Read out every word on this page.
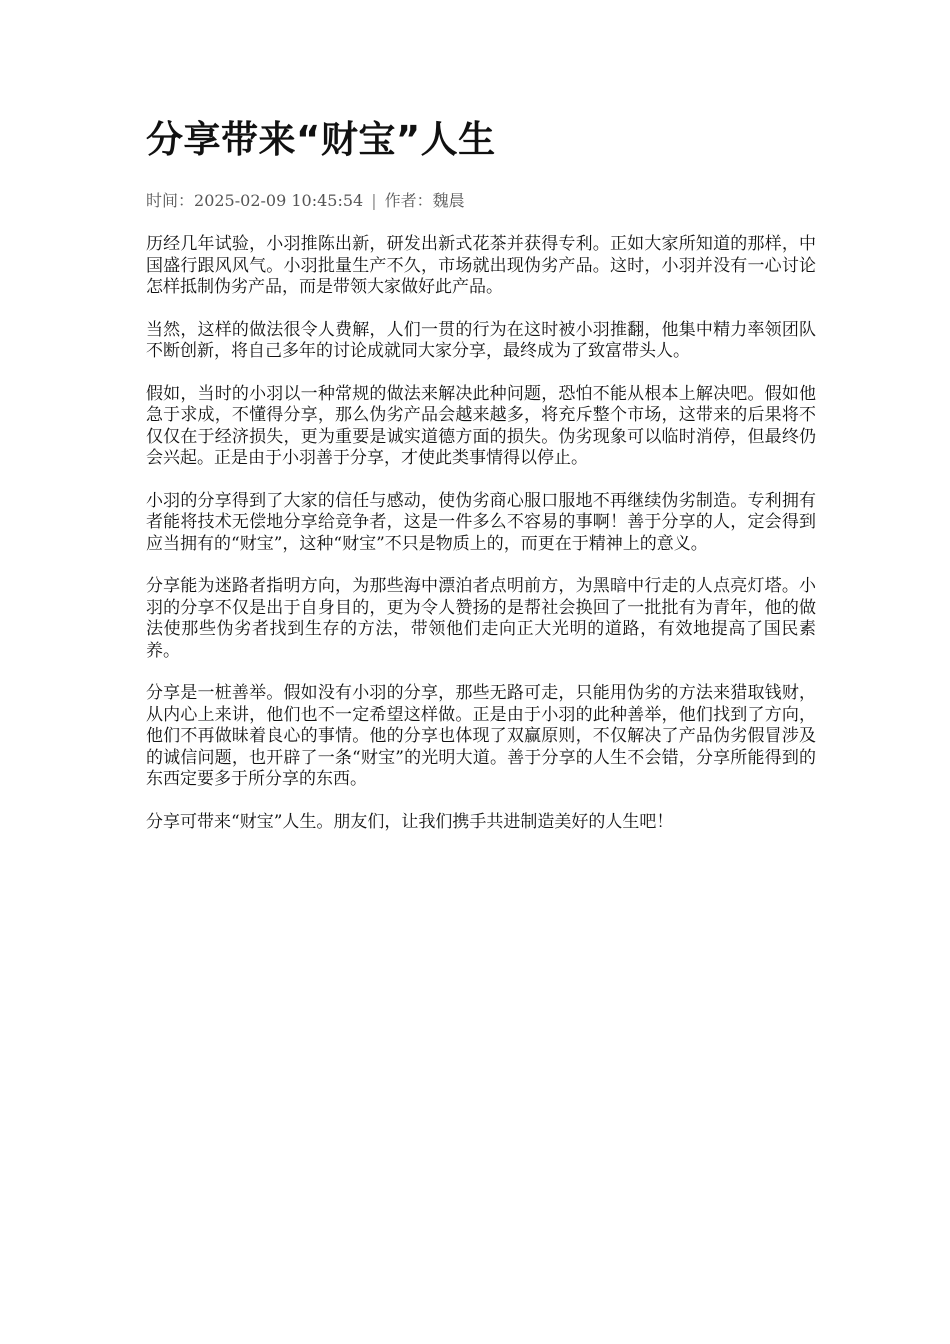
分享带来“财宝”人生
时间：2025-02-09 10:45:54 | 作者：魏晨

历经几年试验，小羽推陈出新，研发出新式花茶并获得专利。正如大家所知道的那样，中国盛行跟风风气。小羽批量生产不久，市场就出现伪劣产品。这时，小羽并没有一心讨论怎样抵制伪劣产品，而是带领大家做好此产品。

当然，这样的做法很令人费解，人们一贯的行为在这时被小羽推翻，他集中精力率领团队不断创新，将自己多年的讨论成就同大家分享，最终成为了致富带头人。

假如，当时的小羽以一种常规的做法来解决此种问题，恐怕不能从根本上解决吧。假如他急于求成，不懂得分享，那么伪劣产品会越来越多，将充斥整个市场，这带来的后果将不仅仅在于经济损失，更为重要是诚实道德方面的损失。伪劣现象可以临时消停，但最终仍会兴起。正是由于小羽善于分享，才使此类事情得以停止。

小羽的分享得到了大家的信任与感动，使伪劣商心服口服地不再继续伪劣制造。专利拥有者能将技术无偿地分享给竞争者，这是一件多么不容易的事啊！善于分享的人，定会得到应当拥有的“财宝”，这种“财宝”不只是物质上的，而更在于精神上的意义。

分享能为迷路者指明方向，为那些海中漂泊者点明前方，为黑暗中行走的人点亮灯塔。小羽的分享不仅是出于自身目的，更为令人赞扬的是帮社会换回了一批批有为青年，他的做法使那些伪劣者找到生存的方法，带领他们走向正大光明的道路，有效地提高了国民素养。

分享是一桩善举。假如没有小羽的分享，那些无路可走，只能用伪劣的方法来猎取钱财，从内心上来讲，他们也不一定希望这样做。正是由于小羽的此种善举，他们找到了方向，他们不再做昧着良心的事情。他的分享也体现了双赢原则，不仅解决了产品伪劣假冒涉及的诚信问题，也开辟了一条“财宝”的光明大道。善于分享的人生不会错，分享所能得到的东西定要多于所分享的东西。

分享可带来“财宝”人生。朋友们，让我们携手共进制造美好的人生吧！
